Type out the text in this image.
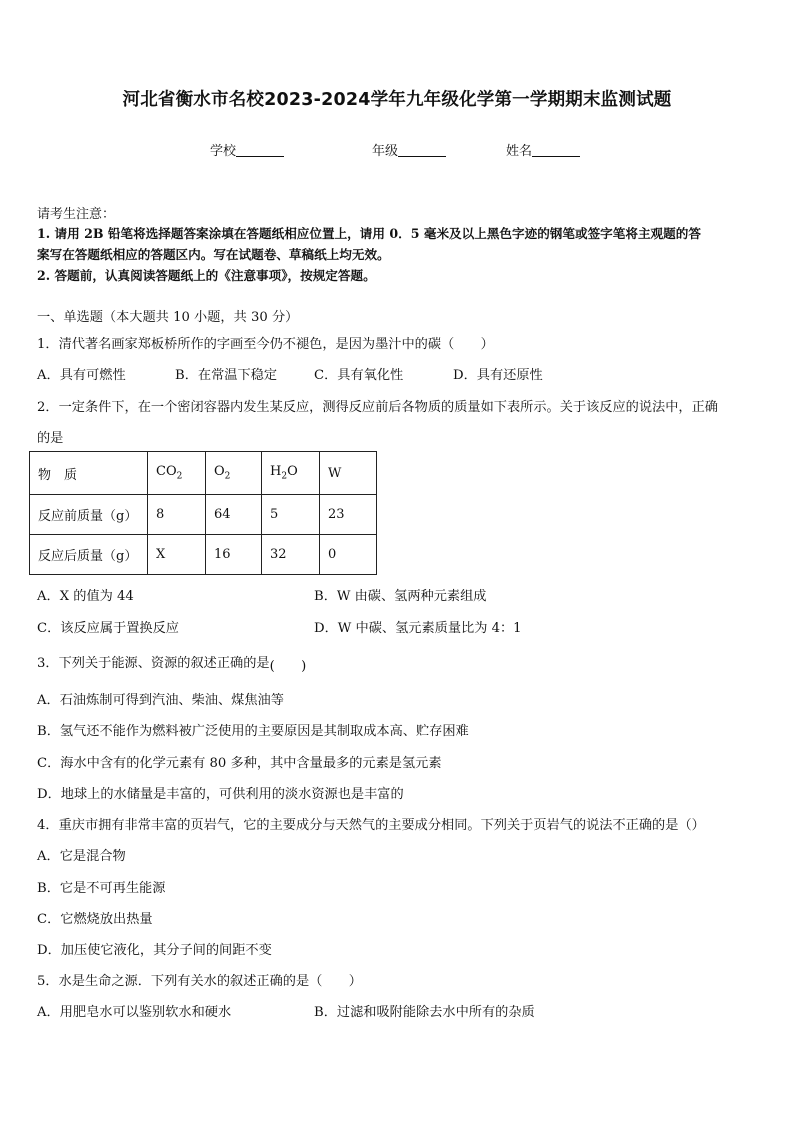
河北省衡水市名校2023-2024学年九年级化学第一学期期末监测试题
学校	年级	姓名
请考生注意：
1. 请用 2B 铅笔将选择题答案涂填在答题纸相应位置上，请用 0．5 毫米及以上黑色字迹的钢笔或签字笔将主观题的答
案写在答题纸相应的答题区内。写在试题卷、草稿纸上均无效。
2. 答题前，认真阅读答题纸上的《注意事项》，按规定答题。
一、单选题（本大题共 10 小题，共 30 分）
1．清代著名画家郑板桥所作的字画至今仍不褪色，是因为墨汁中的碳（　　）
A．具有可燃性	B．在常温下稳定	C．具有氧化性	D．具有还原性
2．一定条件下，在一个密闭容器内发生某反应，测得反应前后各物质的质量如下表所示。关于该反应的说法中，正确
的是
物　质	$CO_2$	$O_2$	$H_2O$	W
反应前质量（g）	8	64	5	23
反应后质量（g）	X	16	32	0
A．X 的值为 44	B．W 由碳、氢两种元素组成
C．该反应属于置换反应	D．W 中碳、氢元素质量比为 4：1
3．下列关于能源、资源的叙述正确的是(　　)
A．石油炼制可得到汽油、柴油、煤焦油等
B．氢气还不能作为燃料被广泛使用的主要原因是其制取成本高、贮存困难
C．海水中含有的化学元素有 80 多种，其中含量最多的元素是氢元素
D．地球上的水储量是丰富的，可供利用的淡水资源也是丰富的
4．重庆市拥有非常丰富的页岩气，它的主要成分与天然气的主要成分相同。下列关于页岩气的说法不正确的是（）
A．它是混合物
B．它是不可再生能源
C．它燃烧放出热量
D．加压使它液化，其分子间的间距不变
5．水是生命之源．下列有关水的叙述正确的是（　　）
A．用肥皂水可以鉴别软水和硬水	B．过滤和吸附能除去水中所有的杂质
